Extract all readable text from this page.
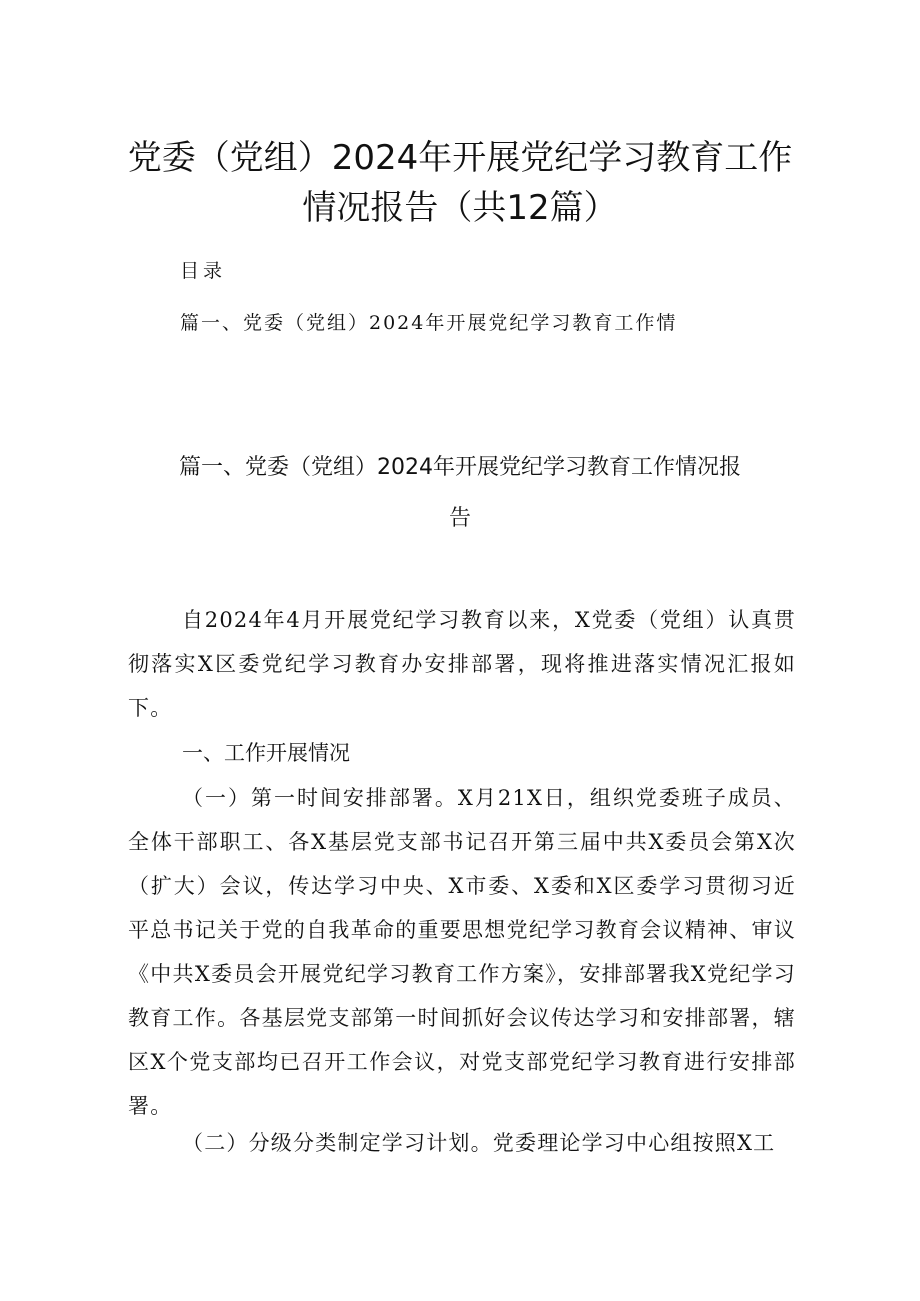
党委（党组）2024年开展党纪学习教育工作
情况报告（共12篇）
目录
篇一、党委（党组）2024年开展党纪学习教育工作情
篇一、党委（党组）2024年开展党纪学习教育工作情况报
告

自2024年4月开展党纪学习教育以来，X党委（党组）认真贯彻落实X区委党纪学习教育办安排部署，现将推进落实情况汇报如下。

一、工作开展情况

（一）第一时间安排部署。X月21X日，组织党委班子成员、全体干部职工、各X基层党支部书记召开第三届中共X委员会第X次（扩大）会议，传达学习中央、X市委、X委和X区委学习贯彻习近平总书记关于党的自我革命的重要思想党纪学习教育会议精神、审议《中共X委员会开展党纪学习教育工作方案》，安排部署我X党纪学习教育工作。各基层党支部第一时间抓好会议传达学习和安排部署，辖区X个党支部均已召开工作会议，对党支部党纪学习教育进行安排部署。

（二）分级分类制定学习计划。党委理论学习中心组按照X工
